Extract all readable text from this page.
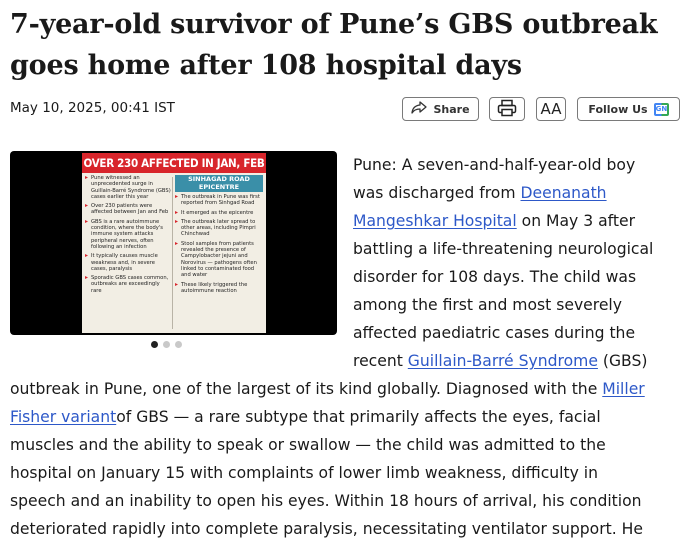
7-year-old survivor of Pune’s GBS outbreak
goes home after 108 hospital days
May 10, 2025, 00:41 IST	Share	AA	Follow Us GN
OVER 230 AFFECTED IN JAN, FEB
▸ Pune witnessed an unprecedented surge in Guillain-Barré Syndrome (GBS) cases earlier this year
▸ Over 230 patients were affected between Jan and Feb
▸ GBS is a rare autoimmune condition, where the body's immune system attacks peripheral nerves, often following an infection
▸ It typically causes muscle weakness and, in severe cases, paralysis
▸ Sporadic GBS cases common, outbreaks are exceedingly rare
SINHAGAD ROAD EPICENTRE
▸ The outbreak in Pune was first reported from Sinhgad Road
▸ It emerged as the epicentre
▸ The outbreak later spread to other areas, including Pimpri Chinchwad
▸ Stool samples from patients revealed the presence of Campylobacter jejuni and Norovirus — pathogens often linked to contaminated food and water
▸ These likely triggered the autoimmune reaction

Pune: A seven-and-half-year-old boy
was discharged from Deenanath
Mangeshkar Hospital on May 3 after
battling a life-threatening neurological
disorder for 108 days. The child was
among the first and most severely
affected paediatric cases during the
recent Guillain-Barré Syndrome (GBS)

outbreak in Pune, one of the largest of its kind globally. Diagnosed with the Miller
Fisher variantof GBS — a rare subtype that primarily affects the eyes, facial
muscles and the ability to speak or swallow — the child was admitted to the
hospital on January 15 with complaints of lower limb weakness, difficulty in
speech and an inability to open his eyes. Within 18 hours of arrival, his condition
deteriorated rapidly into complete paralysis, necessitating ventilator support. He
